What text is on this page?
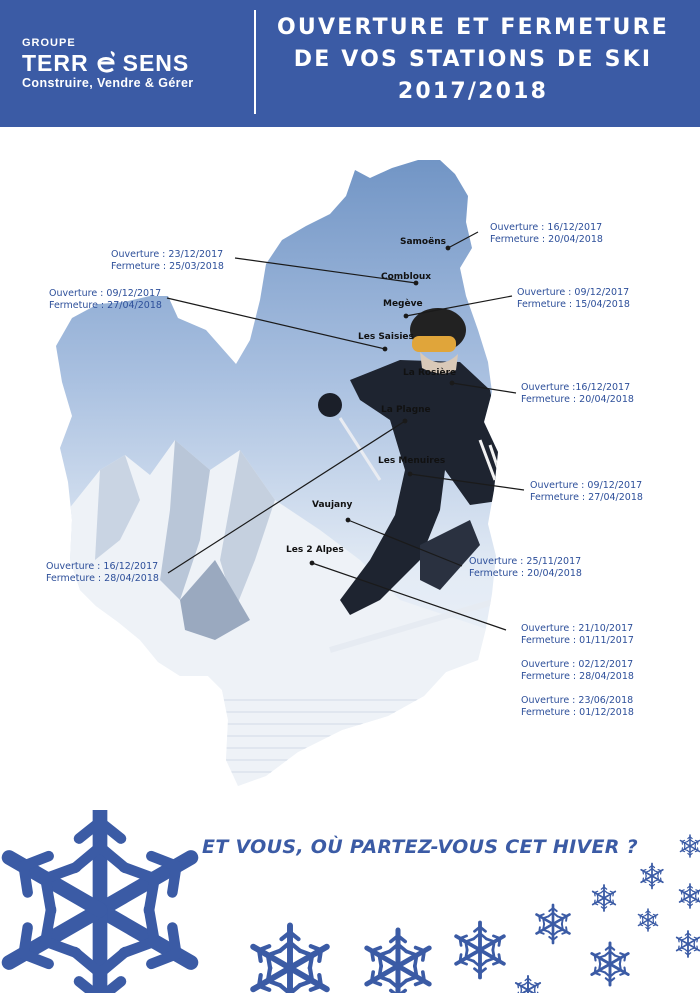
GROUPE
TERR SENS
Construire, Vendre & Gérer
OUVERTURE ET FERMETURE
DE VOS STATIONS DE SKI
2017/2018
Samoëns
Combloux
Megève
Les Saisies
La Rosière
La Plagne
Les Menuires
Vaujany
Les 2 Alpes
Ouverture : 16/12/2017
Fermeture : 20/04/2018
Ouverture : 23/12/2017
Fermeture : 25/03/2018
Ouverture : 09/12/2017
Fermeture : 15/04/2018
Ouverture : 09/12/2017
Fermeture : 27/04/2018
Ouverture :16/12/2017
Fermeture : 20/04/2018
Ouverture : 16/12/2017
Fermeture : 28/04/2018
Ouverture : 09/12/2017
Fermeture : 27/04/2018
Ouverture : 25/11/2017
Fermeture : 20/04/2018
Ouverture : 21/10/2017
Fermeture : 01/11/2017
Ouverture : 02/12/2017
Fermeture : 28/04/2018
Ouverture : 23/06/2018
Fermeture : 01/12/2018
ET VOUS, OÙ PARTEZ-VOUS CET HIVER ?
